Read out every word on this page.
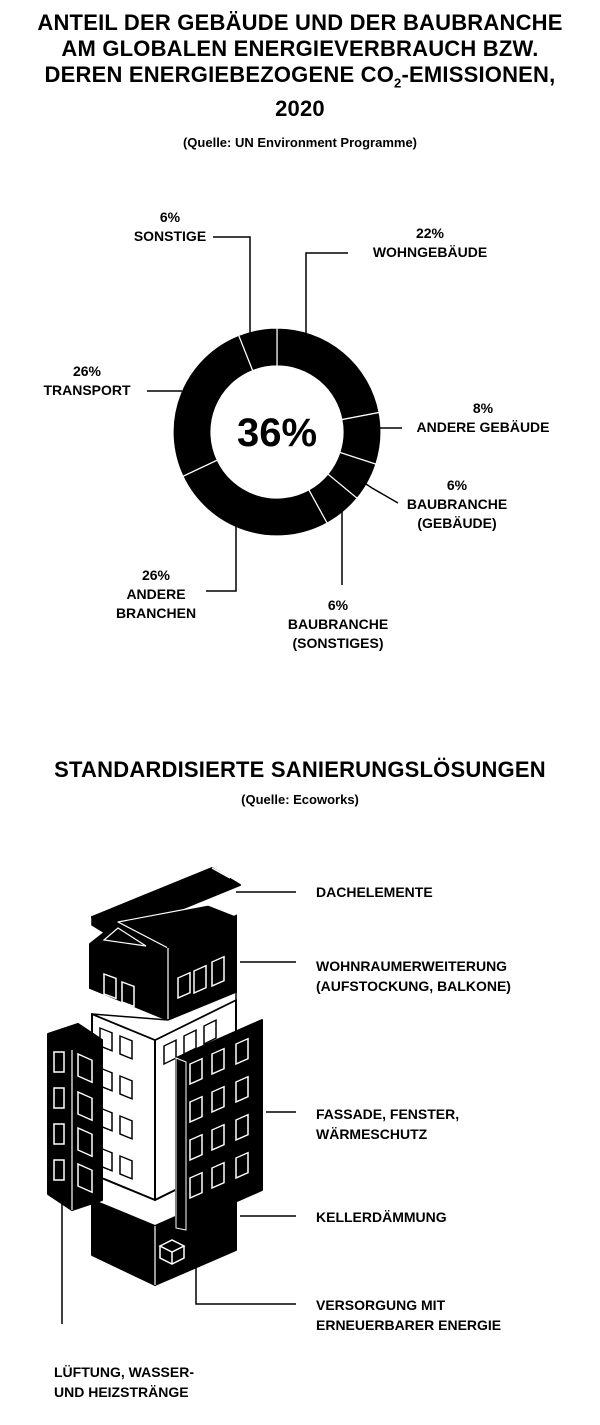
ANTEIL DER GEBÄUDE UND DER BAUBRANCHE
AM GLOBALEN ENERGIEVERBRAUCH BZW.
DEREN ENERGIEBEZOGENE $CO_2$-EMISSIONEN,
2020
(Quelle: UN Environment Programme)
36%
6%
SONSTIGE	22%
WOHNGEBÄUDE
26%
TRANSPORT
8%
ANDERE GEBÄUDE
6%
BAUBRANCHE
(GEBÄUDE)
6%
BAUBRANCHE
(SONSTIGES)
26%
ANDERE
BRANCHEN
STANDARDISIERTE SANIERUNGSLÖSUNGEN
(Quelle: Ecoworks)
DACHELEMENTE
WOHNRAUMERWEITERUNG
(AUFSTOCKUNG, BALKONE)
FASSADE, FENSTER,
WÄRMESCHUTZ
KELLERDÄMMUNG
VERSORGUNG MIT
ERNEUERBARER ENERGIE
LÜFTUNG, WASSER-
UND HEIZSTRÄNGE
